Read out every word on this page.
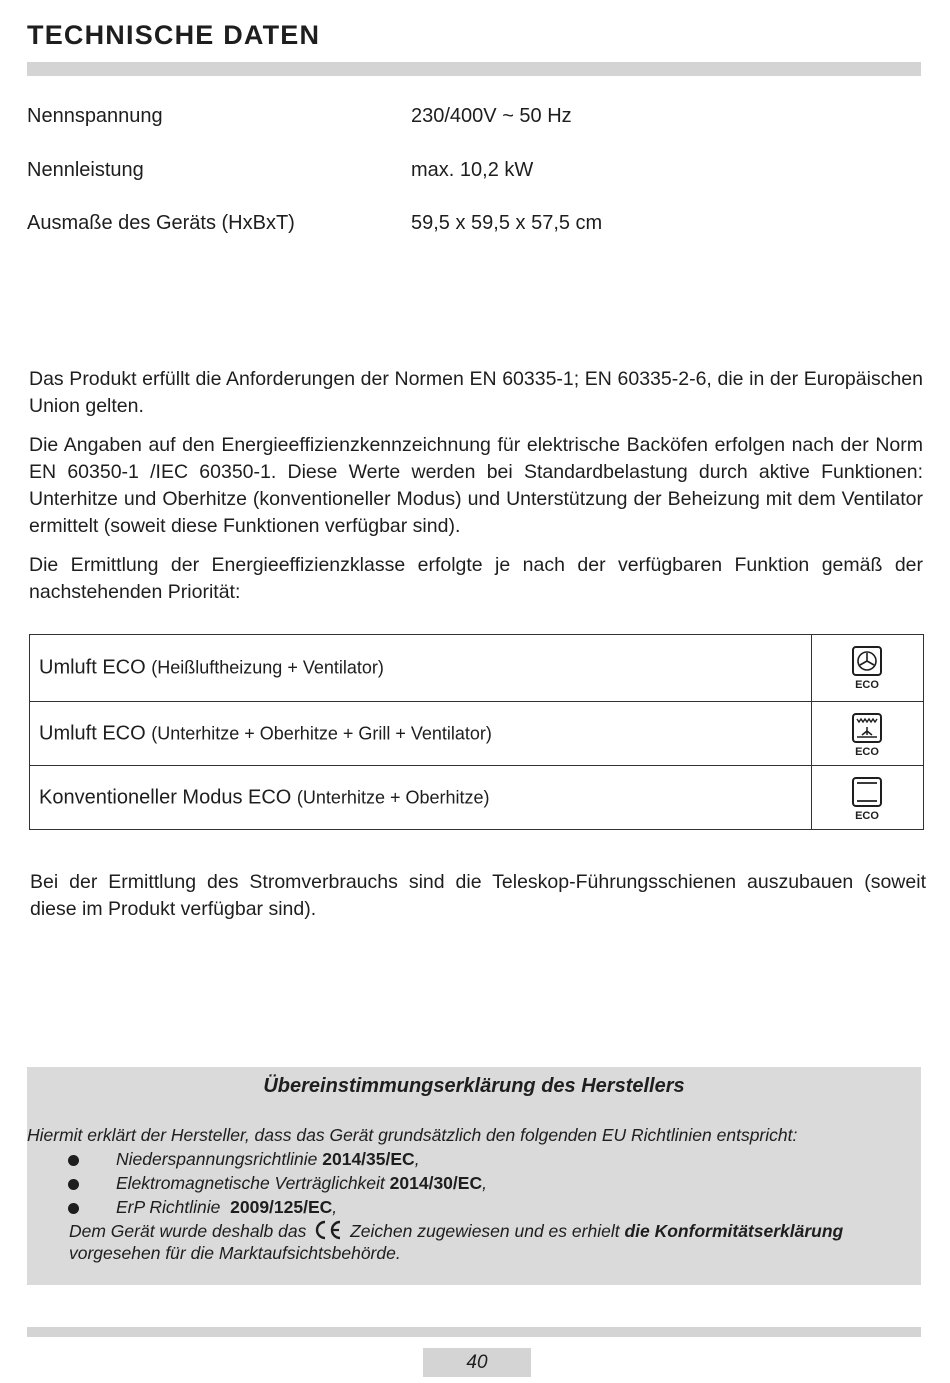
TECHNISCHE DATEN
Nennspannung	230/400V ~ 50 Hz
Nennleistung	max. 10,2 kW
Ausmaße des Geräts (HxBxT)	59,5 x 59,5 x 57,5 cm

Das Produkt erfüllt die Anforderungen der Normen EN 60335-1; EN 60335-2-6, die in der Europäischen Union gelten.

Die Angaben auf den Energieeffizienzkennzeichnung für elektrische Backöfen erfolgen nach der Norm EN 60350-1 /IEC 60350-1. Diese Werte werden bei Standardbelastung durch aktive Funktionen: Unterhitze und Oberhitze (konventioneller Modus) und Unterstützung der Beheizung mit dem Ventilator ermittelt (soweit diese Funktionen verfügbar sind).

Die Ermittlung der Energieeffizienzklasse erfolgte je nach der verfügbaren Funktion gemäß der nachstehenden Priorität:

Umluft ECO (Heißluftheizung + Ventilator)
ECO
Umluft ECO (Unterhitze + Oberhitze + Grill + Ventilator)
ECO
Konventioneller Modus ECO (Unterhitze + Oberhitze)
ECO

Bei der Ermittlung des Stromverbrauchs sind die Teleskop-Führungsschienen auszubauen (soweit diese im Produkt verfügbar sind).

Übereinstimmungserklärung des Herstellers
Hiermit erklärt der Hersteller, dass das Gerät grundsätzlich den folgenden EU Richtlinien entspricht:
Niederspannungsrichtlinie 2014/35/EC,
Elektromagnetische Verträglichkeit 2014/30/EC,
ErP Richtlinie 2009/125/EC,
Dem Gerät wurde deshalb das	Zeichen zugewiesen und es erhielt die Konformitätserklärung
vorgesehen für die Marktaufsichtsbehörde.
40
